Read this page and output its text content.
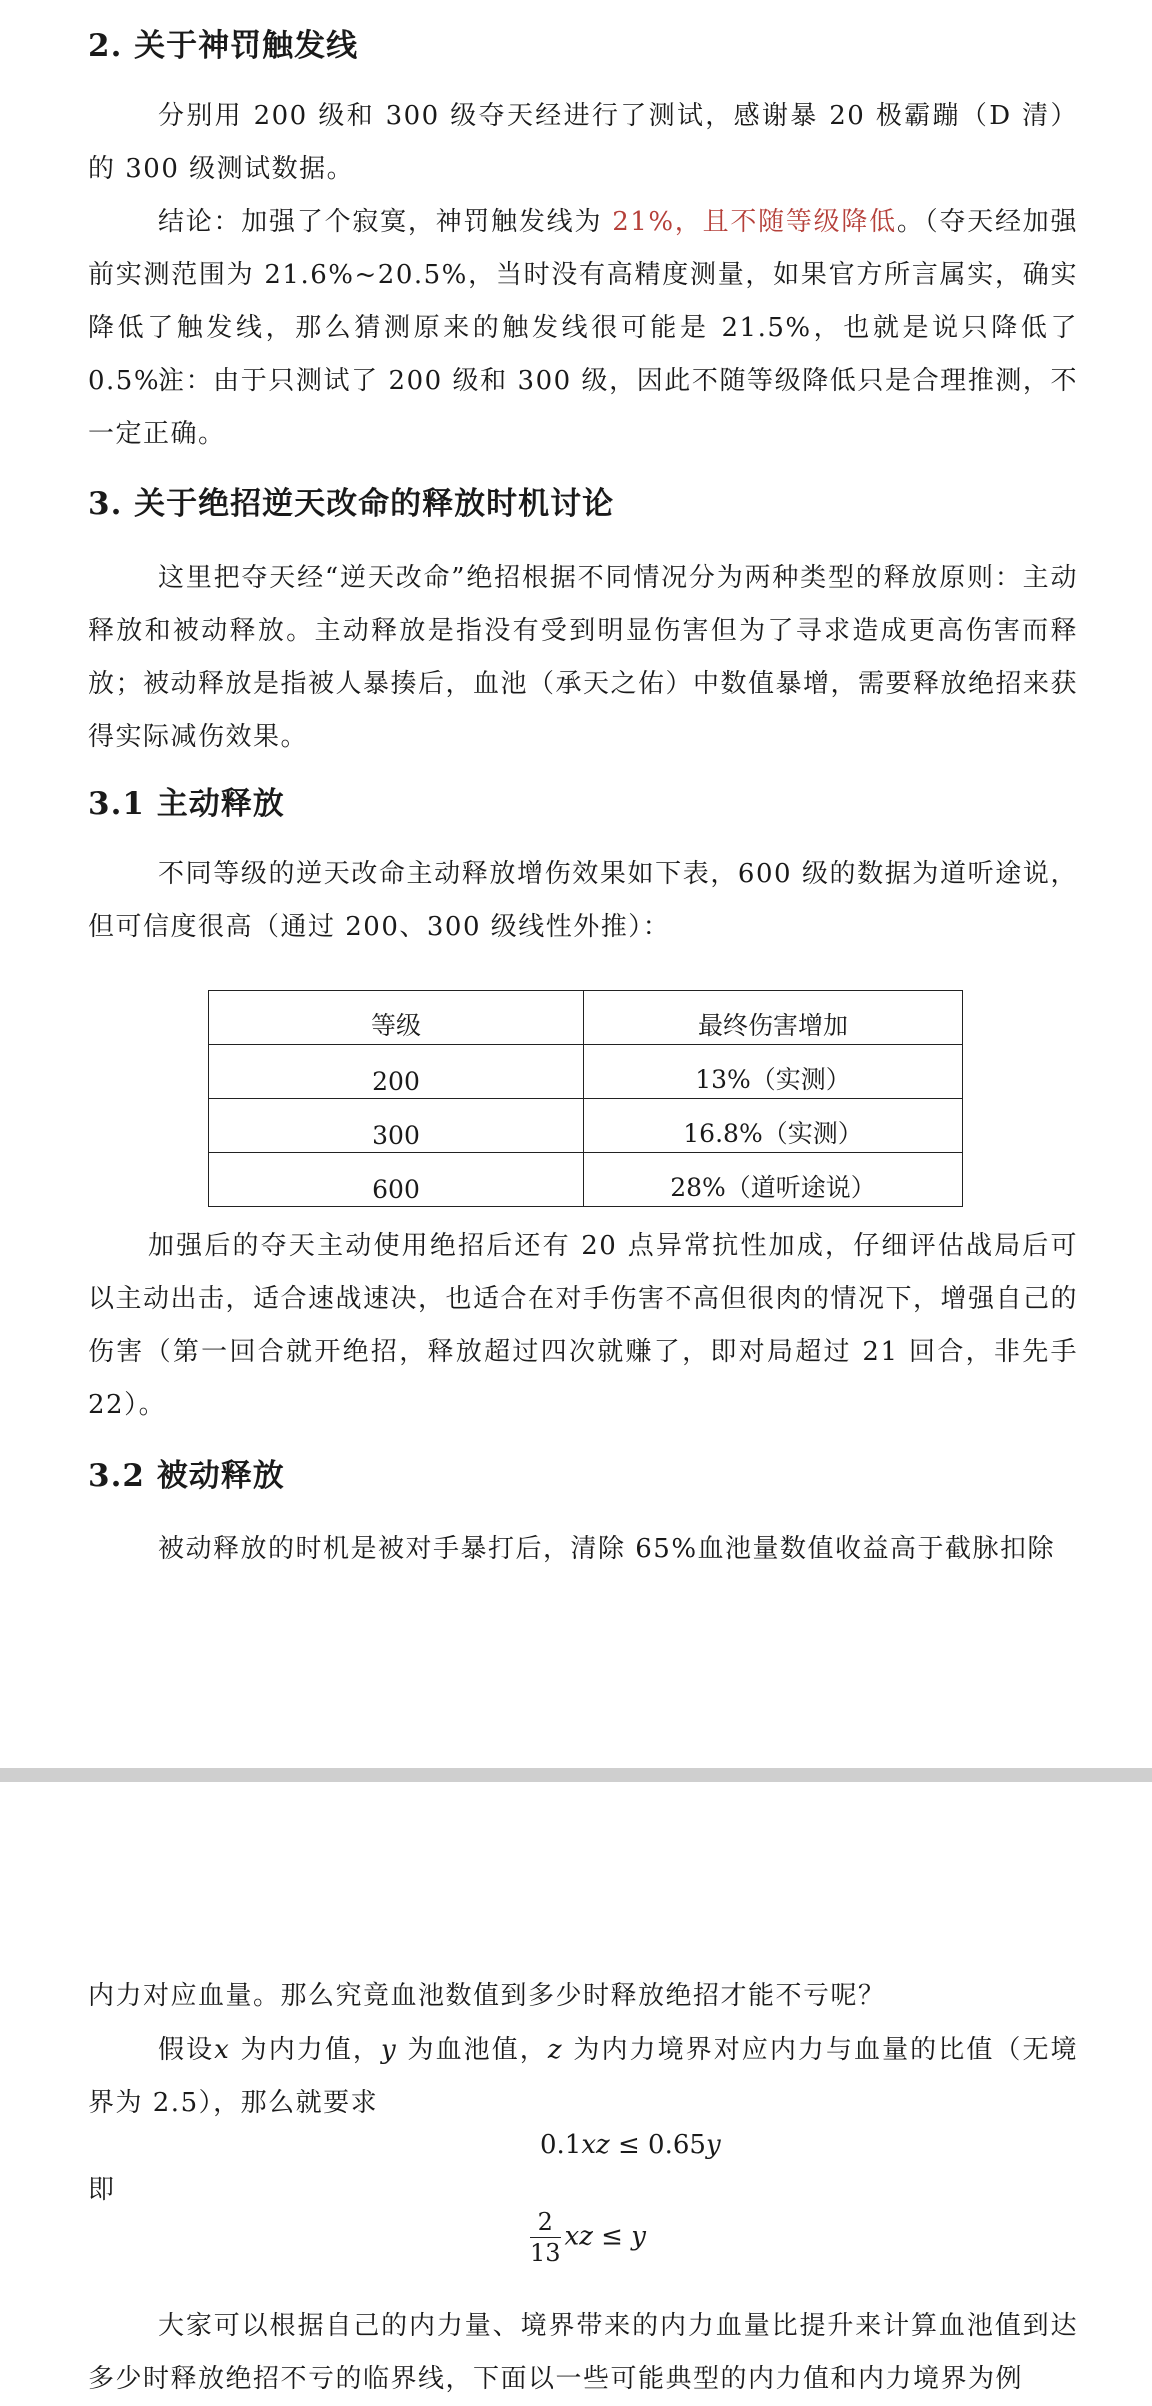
2. 关于神罚触发线

分别用 200 级和 300 级夺天经进行了测试，感谢暴 20 极霸蹦（D 清）的 300 级测试数据。

结论：加强了个寂寞，神罚触发线为 21%，且不随等级降低。（夺天经加强前实测范围为 21.6%~20.5%，当时没有高精度测量，如果官方所言属实，确实降低了触发线，那么猜测原来的触发线很可能是 21.5%，也就是说只降低了 0.5%）

注：由于只测试了 200 级和 300 级，因此不随等级降低只是合理推测，不一定正确。

3. 关于绝招逆天改命的释放时机讨论

这里把夺天经“逆天改命”绝招根据不同情况分为两种类型的释放原则：主动释放和被动释放。主动释放是指没有受到明显伤害但为了寻求造成更高伤害而释放；被动释放是指被人暴揍后，血池（承天之佑）中数值暴增，需要释放绝招来获得实际减伤效果。

3.1 主动释放

不同等级的逆天改命主动释放增伤效果如下表，600 级的数据为道听途说，但可信度很高（通过 200、300 级线性外推）：

等级	最终伤害增加
200	13%（实测）
300	16.8%（实测）
600	28%（道听途说）

加强后的夺天主动使用绝招后还有 20 点异常抗性加成，仔细评估战局后可以主动出击，适合速战速决，也适合在对手伤害不高但很肉的情况下，增强自己的伤害（第一回合就开绝招，释放超过四次就赚了，即对局超过 21 回合，非先手 22）。

3.2 被动释放

被动释放的时机是被对手暴打后，清除 65%血池量数值收益高于截脉扣除

内力对应血量。那么究竟血池数值到多少时释放绝招才能不亏呢？

假设x 为内力值，y 为血池值，z 为内力境界对应内力与血量的比值（无境界为 2.5），那么就要求

0.1xz ≤ 0.65y
即
$\frac{2}{13}$ xz ≤ y

大家可以根据自己的内力量、境界带来的内力血量比提升来计算血池值到达多少时释放绝招不亏的临界线，下面以一些可能典型的内力值和内力境界为例
